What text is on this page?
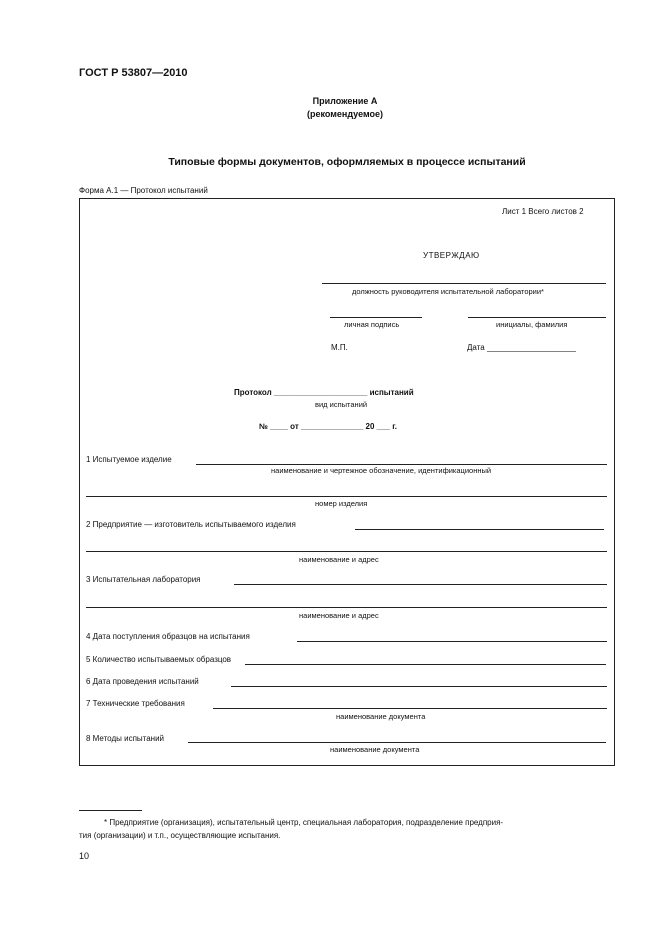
ГОСТ Р 53807—2010
Приложение А
(рекомендуемое)
Типовые формы документов, оформляемых в процессе испытаний
Форма А.1 — Протокол испытаний
Лист 1 Всего листов 2
УТВЕРЖДАЮ
должность руководителя испытательной лаборатории*
личная подпись	инициалы, фамилия
М.П.	Дата ____________________
Протокол _____________________ испытаний
вид испытаний
№ ____ от ______________ 20 ___ г.
1 Испытуемое изделие
наименование и чертежное обозначение, идентификационный
номер изделия
2 Предприятие — изготовитель испытываемого изделия
наименование и адрес
3 Испытательная лаборатория
наименование и адрес
4 Дата поступления образцов на испытания
5 Количество испытываемых образцов
6 Дата проведения испытаний
7 Технические требования
наименование документа
8 Методы испытаний
наименование документа
* Предприятие (организация), испытательный центр, специальная лаборатория, подразделение предприя-
тия (организации) и т.п., осуществляющие испытания.
10
